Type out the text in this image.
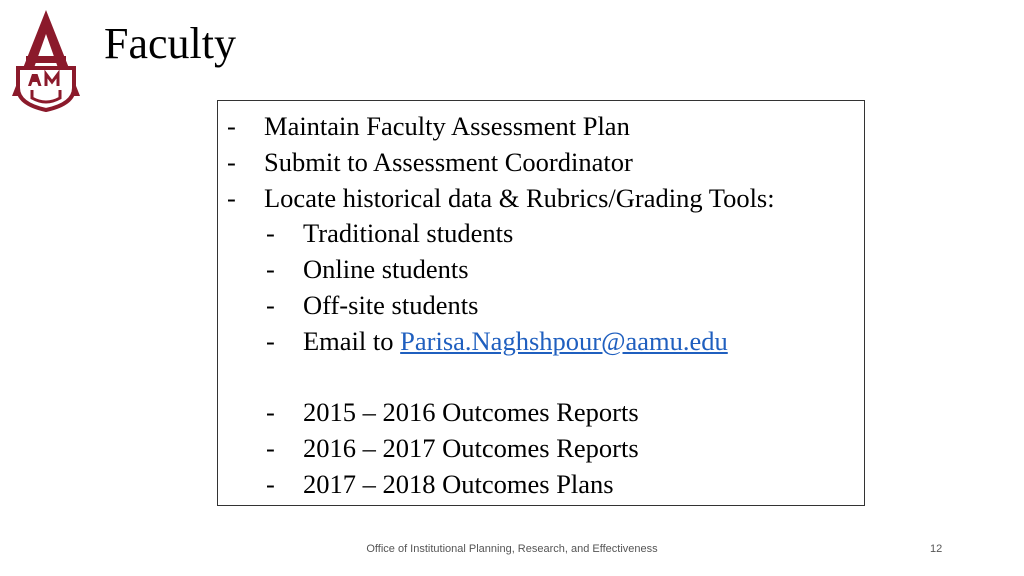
Faculty
- Maintain Faculty Assessment Plan
- Submit to Assessment Coordinator
- Locate historical data & Rubrics/Grading Tools:
- Traditional students
- Online students
- Off-site students
- Email to Parisa.Naghshpour@aamu.edu
- 2015 – 2016 Outcomes Reports
- 2016 – 2017 Outcomes Reports
- 2017 – 2018 Outcomes Plans
Office of Institutional Planning, Research, and Effectiveness	12
